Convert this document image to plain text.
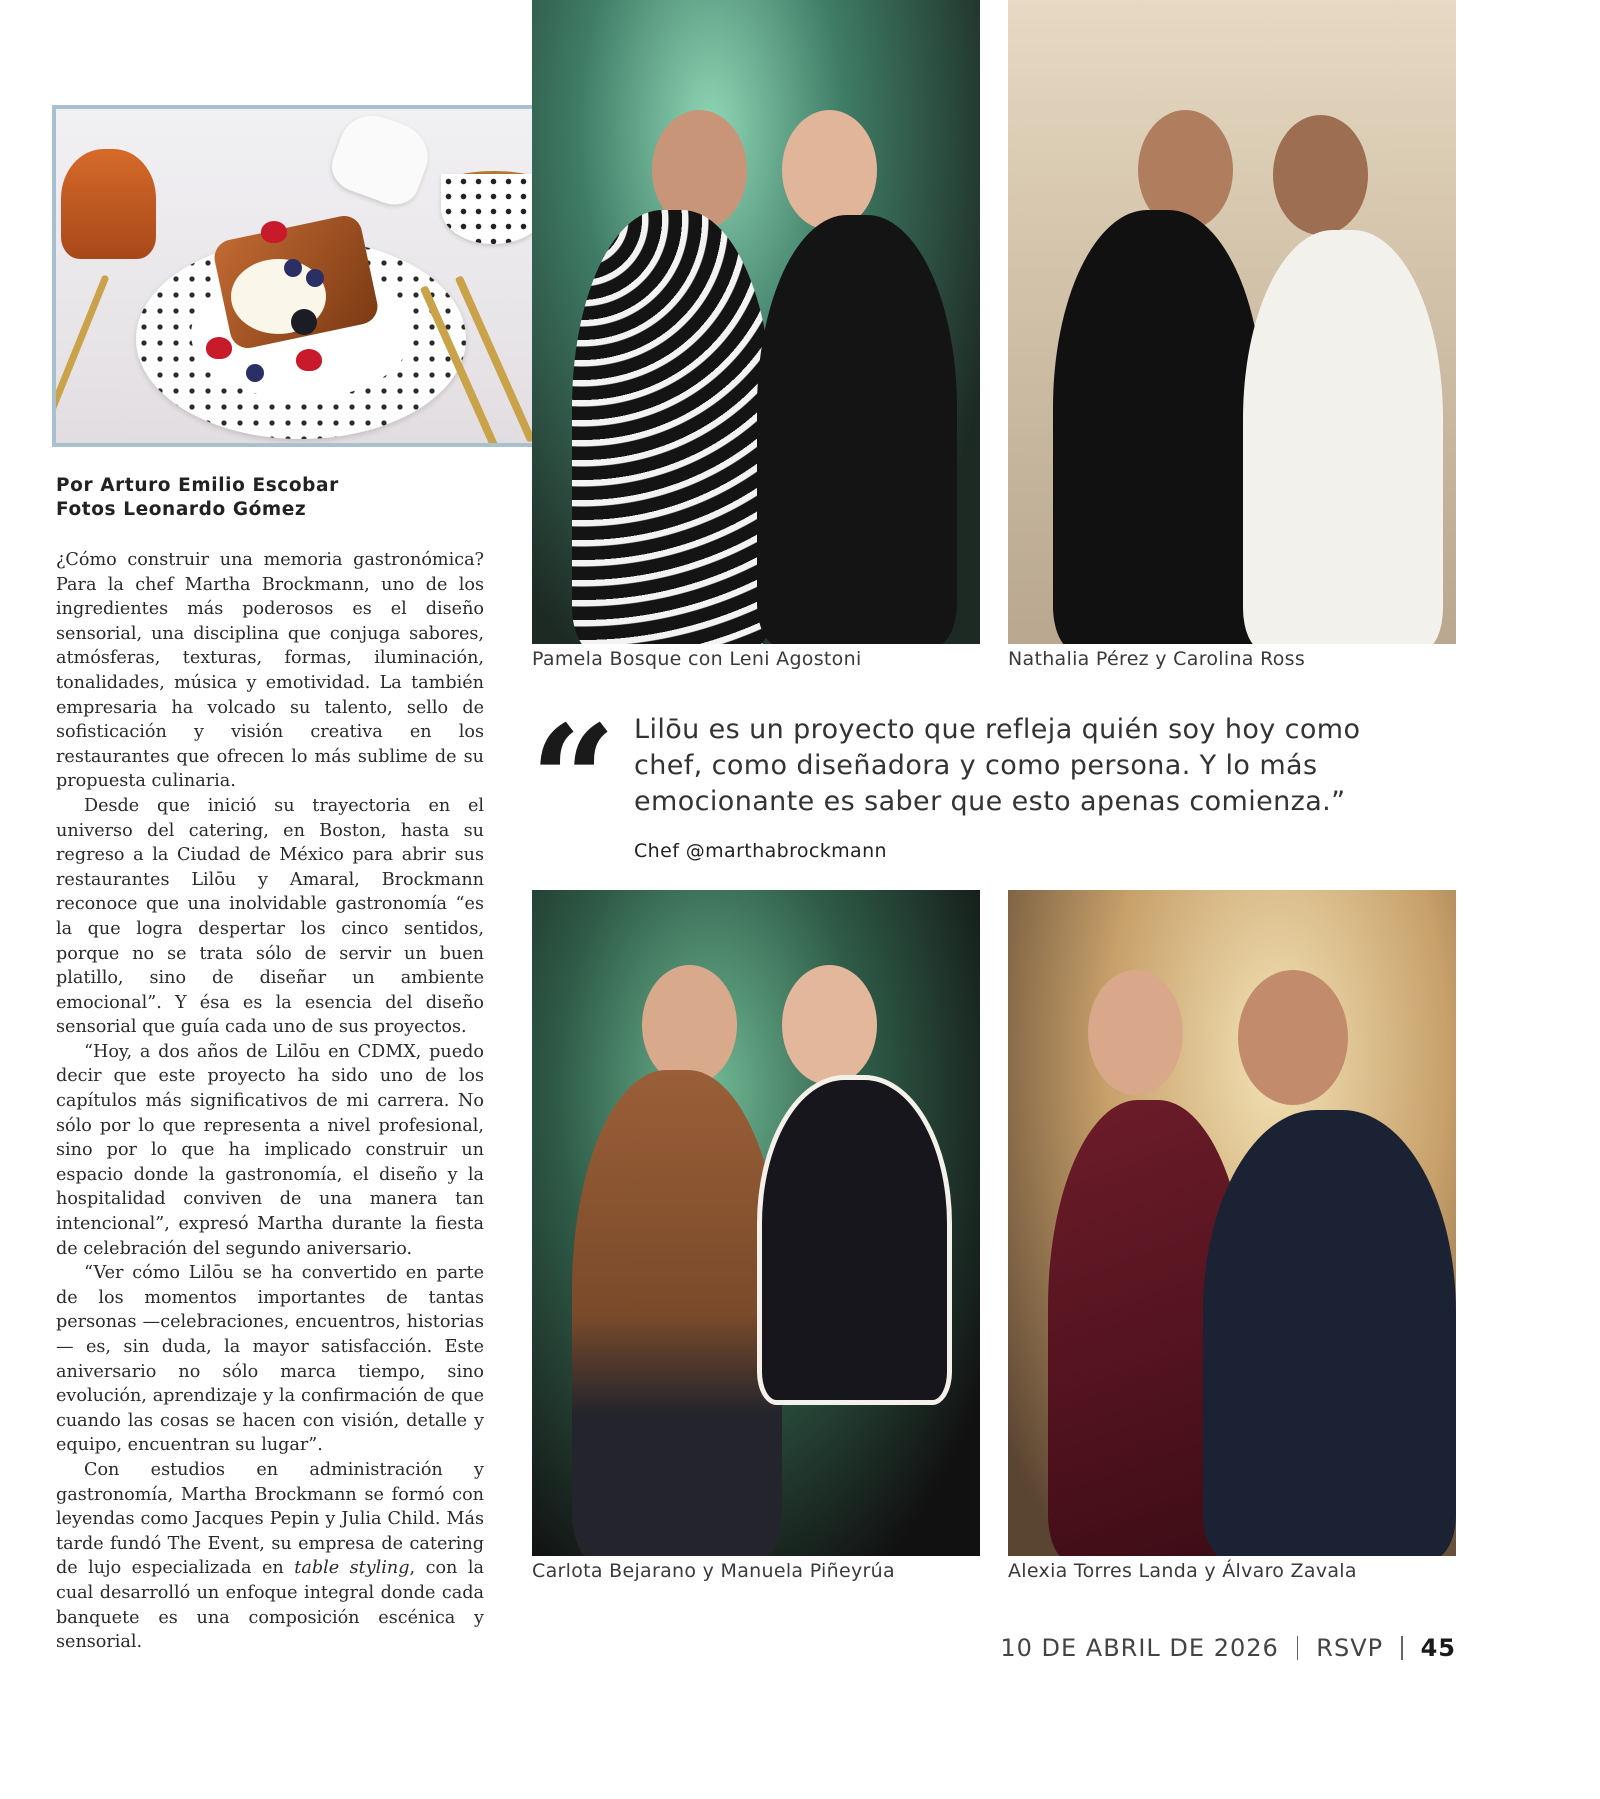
Por Arturo Emilio Escobar
Fotos Leonardo Gómez

¿Cómo construir una memoria gastronómica? Para la chef Martha Brockmann, uno de los ingredientes más poderosos es el diseño sensorial, una disciplina que conjuga sabores, atmósferas, texturas, formas, iluminación, tonalidades, música y emotividad. La también empresaria ha volcado su talento, sello de sofisticación y visión creativa en los restaurantes que ofrecen lo más sublime de su propuesta culinaria.

Desde que inició su trayectoria en el universo del catering, en Boston, hasta su regreso a la Ciudad de México para abrir sus restaurantes Lilōu y Amaral, Brockmann reconoce que una inolvidable gastronomía “es la que logra despertar los cinco sentidos, porque no se trata sólo de servir un buen platillo, sino de diseñar un ambiente emocional”. Y ésa es la esencia del diseño sensorial que guía cada uno de sus proyectos.

“Hoy, a dos años de Lilōu en CDMX, puedo decir que este proyecto ha sido uno de los capítulos más significativos de mi carrera. No sólo por lo que representa a nivel profesional, sino por lo que ha implicado construir un espacio donde la gastronomía, el diseño y la hospitalidad conviven de una manera tan intencional”, expresó Martha durante la fiesta de celebración del segundo aniversario.

“Ver cómo Lilōu se ha convertido en parte de los momentos importantes de tantas personas —celebraciones, encuentros, historias— es, sin duda, la mayor satisfacción. Este aniversario no sólo marca tiempo, sino evolución, aprendizaje y la confirmación de que cuando las cosas se hacen con visión, detalle y equipo, encuentran su lugar”.

Con estudios en administración y gastronomía, Martha Brockmann se formó con leyendas como Jacques Pepin y Julia Child. Más tarde fundó The Event, su empresa de catering de lujo especializada en table styling, con la cual desarrolló un enfoque integral donde cada banquete es una composición escénica y sensorial.

Pamela Bosque con Leni Agostoni	Nathalia Pérez y Carolina Ross
“ Lilōu es un proyecto que refleja quién soy hoy como chef, como diseñadora y como persona. Y lo más emocionante es saber que esto apenas comienza.”
Chef @marthabrockmann
Carlota Bejarano y Manuela Piñeyrúa	Alexia Torres Landa y Álvaro Zavala
10 DE ABRIL DE 2026 RSVP 45
